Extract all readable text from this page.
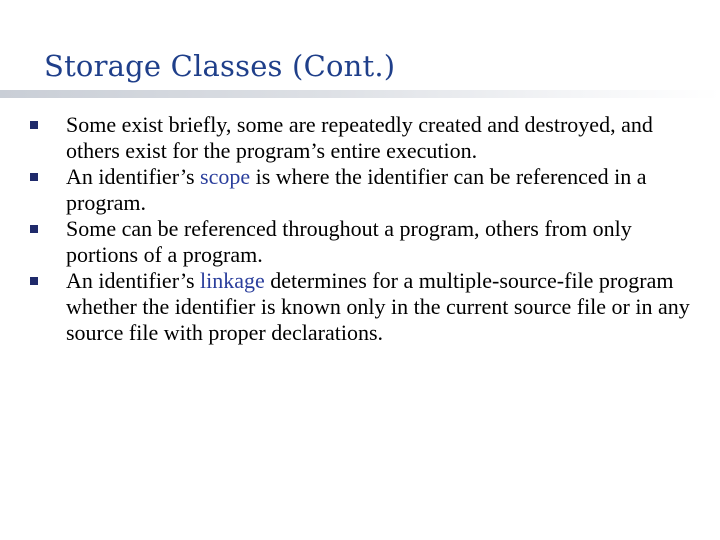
Storage Classes (Cont.)
Some exist briefly, some are repeatedly created and destroyed, and others exist for the program’s entire execution.
An identifier’s scope is where the identifier can be referenced in a program.
Some can be referenced throughout a program, others from only portions of a program.
An identifier’s linkage determines for a multiple-source-file program whether the identifier is known only in the current source file or in any source file with proper declarations.
